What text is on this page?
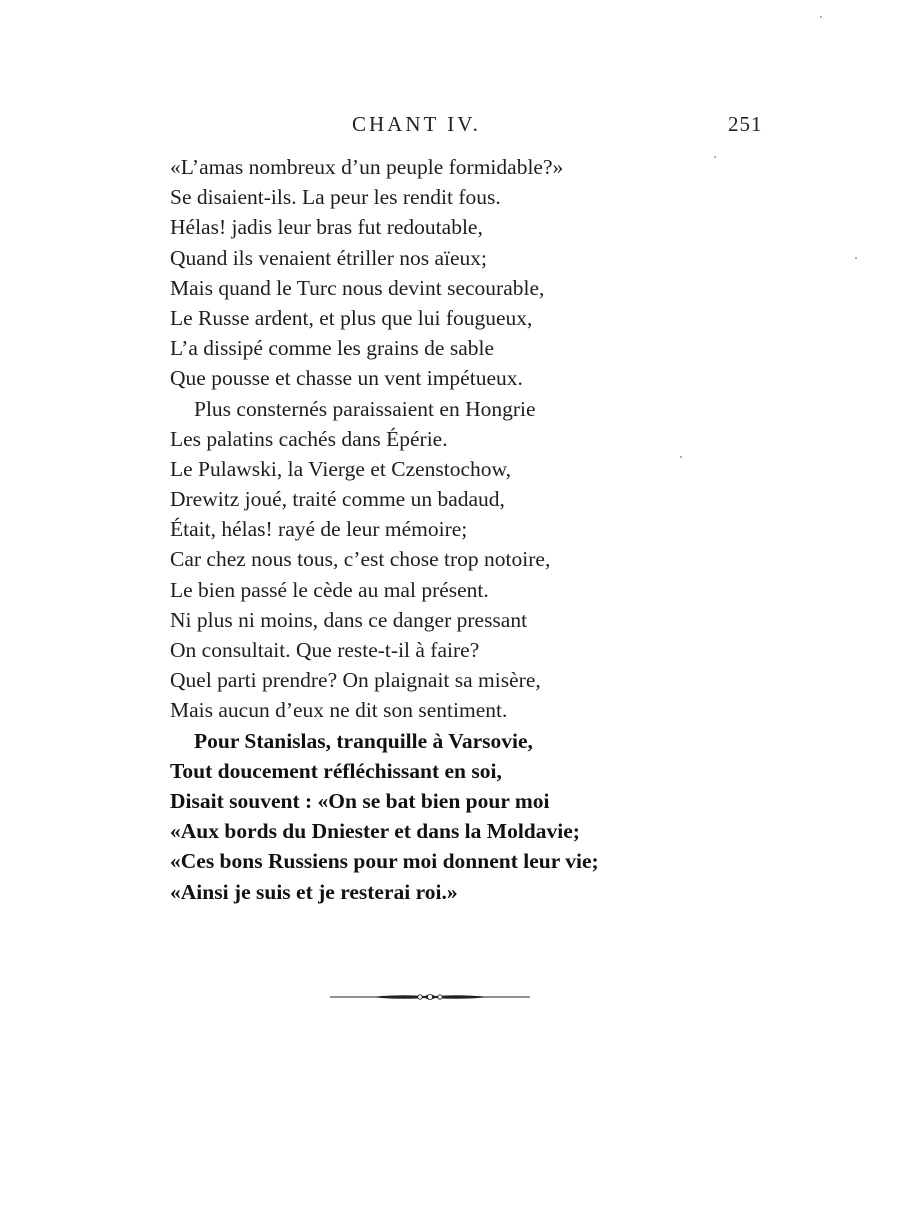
CHANT IV.	251
«L’amas nombreux d’un peuple formidable?»
Se disaient-ils. La peur les rendit fous.
Hélas! jadis leur bras fut redoutable,
Quand ils venaient étriller nos aïeux;
Mais quand le Turc nous devint secourable,
Le Russe ardent, et plus que lui fougueux,
L’a dissipé comme les grains de sable
Que pousse et chasse un vent impétueux.
Plus consternés paraissaient en Hongrie
Les palatins cachés dans Épérie.
Le Pulawski, la Vierge et Czenstochow,
Drewitz joué, traité comme un badaud,
Était, hélas! rayé de leur mémoire;
Car chez nous tous, c’est chose trop notoire,
Le bien passé le cède au mal présent.
Ni plus ni moins, dans ce danger pressant
On consultait. Que reste-t-il à faire?
Quel parti prendre? On plaignait sa misère,
Mais aucun d’eux ne dit son sentiment.
Pour Stanislas, tranquille à Varsovie,
Tout doucement réfléchissant en soi,
Disait souvent : «On se bat bien pour moi
«Aux bords du Dniester et dans la Moldavie;
«Ces bons Russiens pour moi donnent leur vie;
«Ainsi je suis et je resterai roi.»
